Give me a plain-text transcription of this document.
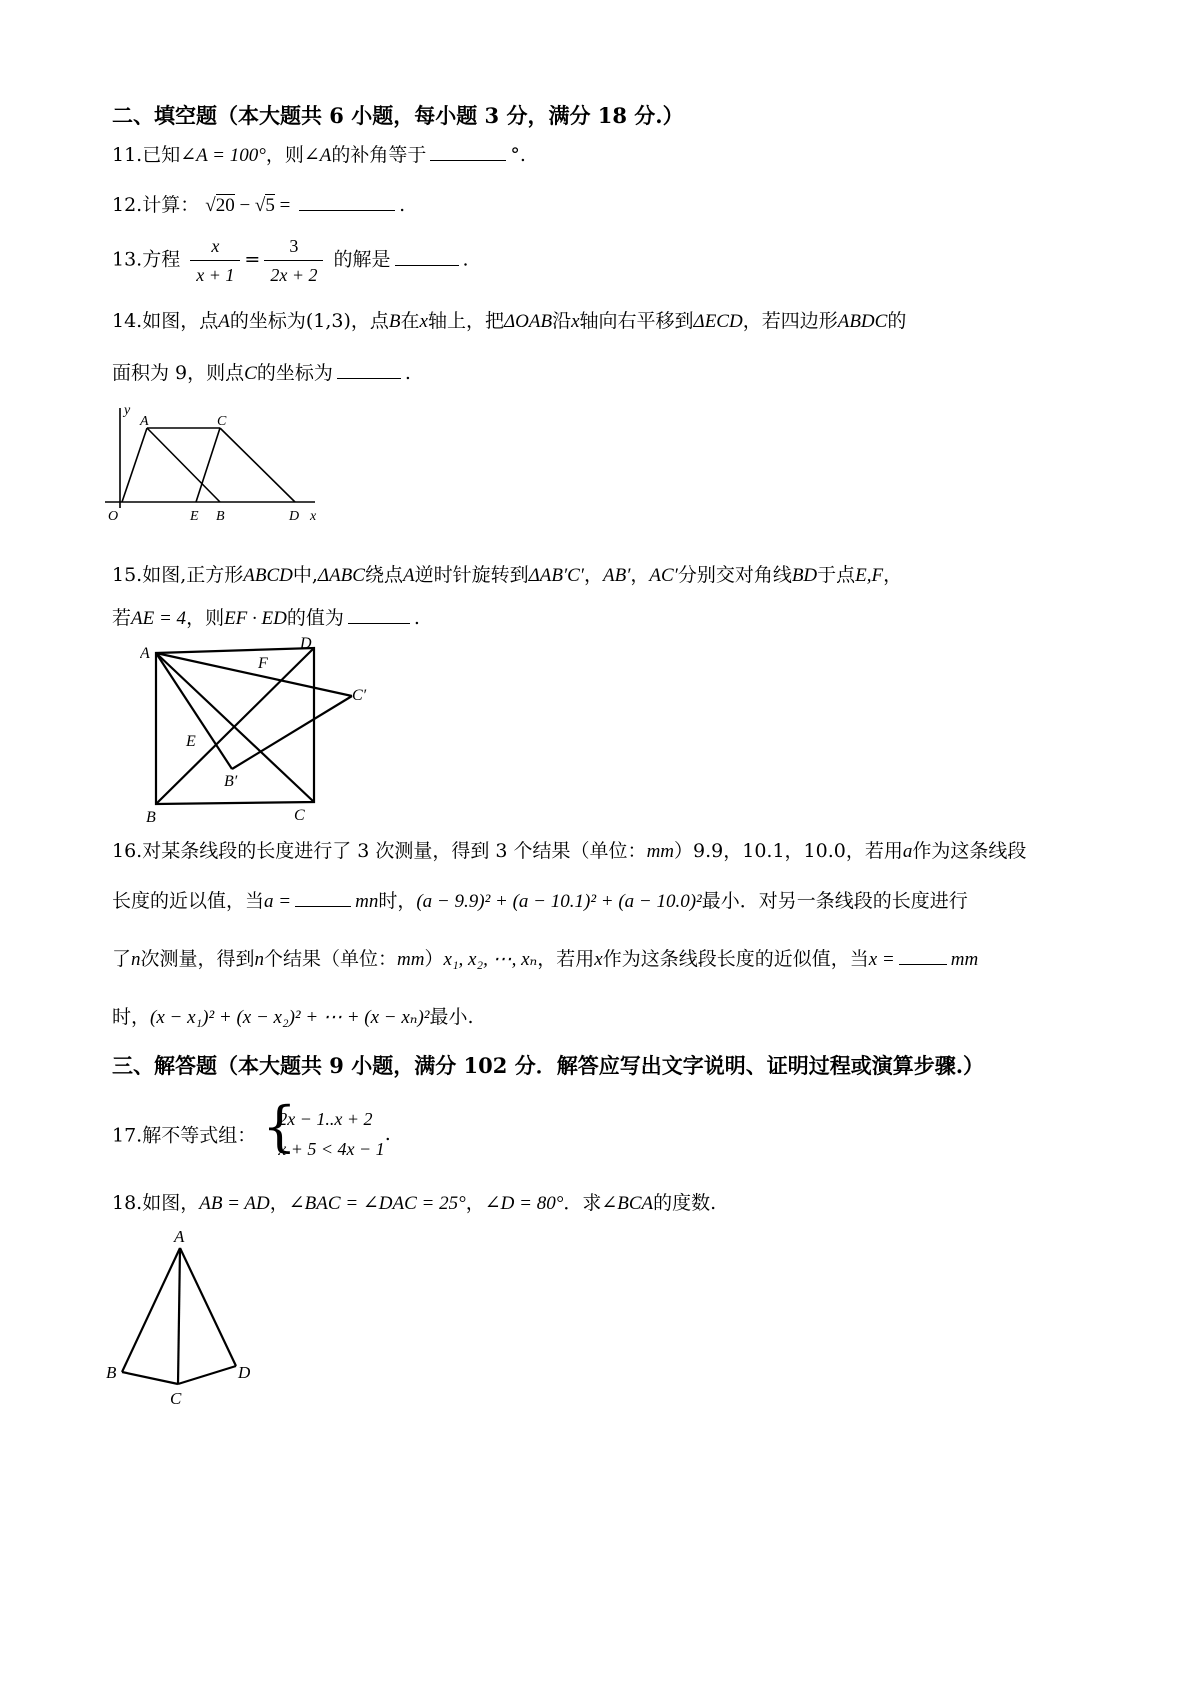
二、填空题（本大题共 6 小题，每小题 3 分，满分 18 分.）
11.已知∠A = 100°，则∠A的补角等于	°.
12.计算： √20 − √5 =	.
13.方程 $\frac{x}{x + 1} = \frac{3}{2x + 2}$ 的解是	.
14.如图，点A的坐标为(1,3)，点B在x轴上，把ΔOAB沿x轴向右平移到ΔECD，若四边形ABDC的
面积为 9，则点C的坐标为	.
y
A	C
O	E B	D x
15.如图,正方形ABCD中,ΔABC绕点A逆时针旋转到ΔAB′C′，AB′，AC′分别交对角线BD于点E,F，
若AE = 4，则EF · ED的值为	.
A
D
F
C′
E
B′
B	C
16.对某条线段的长度进行了 3 次测量，得到 3 个结果（单位：mm）9.9，10.1，10.0，若用a作为这条线段
长度的近以值，当a =	mn时，(a − 9.9)² + (a − 10.1)² + (a − 10.0)²最小．对另一条线段的长度进行
了n次测量，得到n个结果（单位：mm）x₁, x₂, ⋯, xₙ，若用x作为这条线段长度的近似值，当x =	mm
时，(x − x₁)² + (x − x₂)² + ⋯ + (x − xₙ)²最小.
三、解答题（本大题共 9 小题，满分 102 分．解答应写出文字说明、证明过程或演算步骤.）
17.解不等式组： {
2x − 1..x + 2
x + 5 < 4x − 1
.
18.如图，AB = AD，∠BAC = ∠DAC = 25°，∠D = 80°．求∠BCA的度数.
A
B
C
D
